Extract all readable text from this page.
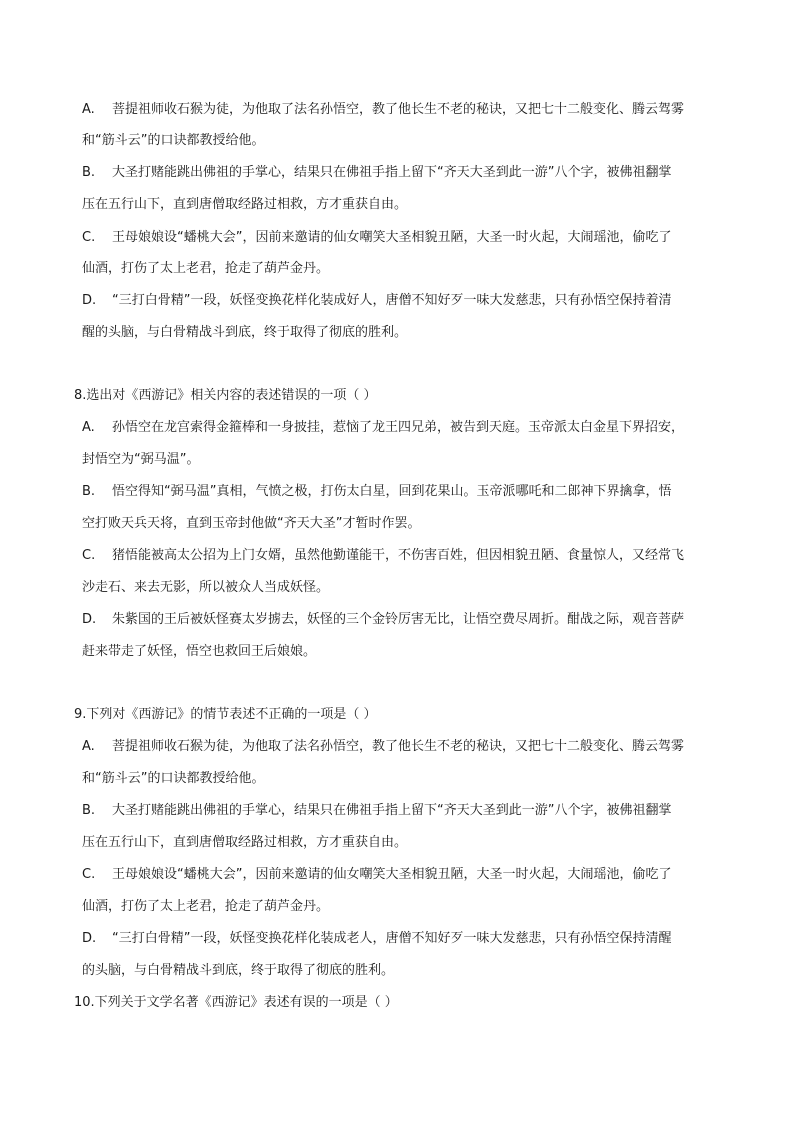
A. 菩提祖师收石猴为徒，为他取了法名孙悟空，教了他长生不老的秘诀，又把七十二般变化、腾云驾雾
和“筋斗云”的口诀都教授给他。
B. 大圣打赌能跳出佛祖的手掌心，结果只在佛祖手指上留下“齐天大圣到此一游”八个字，被佛祖翻掌
压在五行山下，直到唐僧取经路过相救，方才重获自由。
C. 王母娘娘设“蟠桃大会”，因前来邀请的仙女嘲笑大圣相貌丑陋，大圣一时火起，大闹瑶池，偷吃了
仙酒，打伤了太上老君，抢走了葫芦金丹。
D. “三打白骨精”一段，妖怪变换花样化装成好人，唐僧不知好歹一味大发慈悲，只有孙悟空保持着清
醒的头脑，与白骨精战斗到底，终于取得了彻底的胜利。
8.选出对《西游记》相关内容的表述错误的一项（ ）
A. 孙悟空在龙宫索得金箍棒和一身披挂，惹恼了龙王四兄弟，被告到天庭。玉帝派太白金星下界招安，
封悟空为“弼马温”。
B. 悟空得知“弼马温”真相，气愤之极，打伤太白星，回到花果山。玉帝派哪吒和二郎神下界擒拿，悟
空打败天兵天将，直到玉帝封他做“齐天大圣”才暂时作罢。
C. 猪悟能被高太公招为上门女婿，虽然他勤谨能干，不伤害百姓，但因相貌丑陋、食量惊人，又经常飞
沙走石、来去无影，所以被众人当成妖怪。
D. 朱紫国的王后被妖怪赛太岁掳去，妖怪的三个金铃厉害无比，让悟空费尽周折。酣战之际，观音菩萨
赶来带走了妖怪，悟空也救回王后娘娘。
9.下列对《西游记》的情节表述不正确的一项是（ ）
A. 菩提祖师收石猴为徒，为他取了法名孙悟空，教了他长生不老的秘诀，又把七十二般变化、腾云驾雾
和“筋斗云”的口诀都教授给他。
B. 大圣打赌能跳出佛祖的手掌心，结果只在佛祖手指上留下“齐天大圣到此一游”八个字，被佛祖翻掌
压在五行山下，直到唐僧取经路过相救，方才重获自由。
C. 王母娘娘设“蟠桃大会”，因前来邀请的仙女嘲笑大圣相貌丑陋，大圣一时火起，大闹瑶池，偷吃了
仙酒，打伤了太上老君，抢走了葫芦金丹。
D. “三打白骨精”一段，妖怪变换花样化装成老人，唐僧不知好歹一味大发慈悲，只有孙悟空保持清醒
的头脑，与白骨精战斗到底，终于取得了彻底的胜利。
10.下列关于文学名著《西游记》表述有误的一项是（ ）
